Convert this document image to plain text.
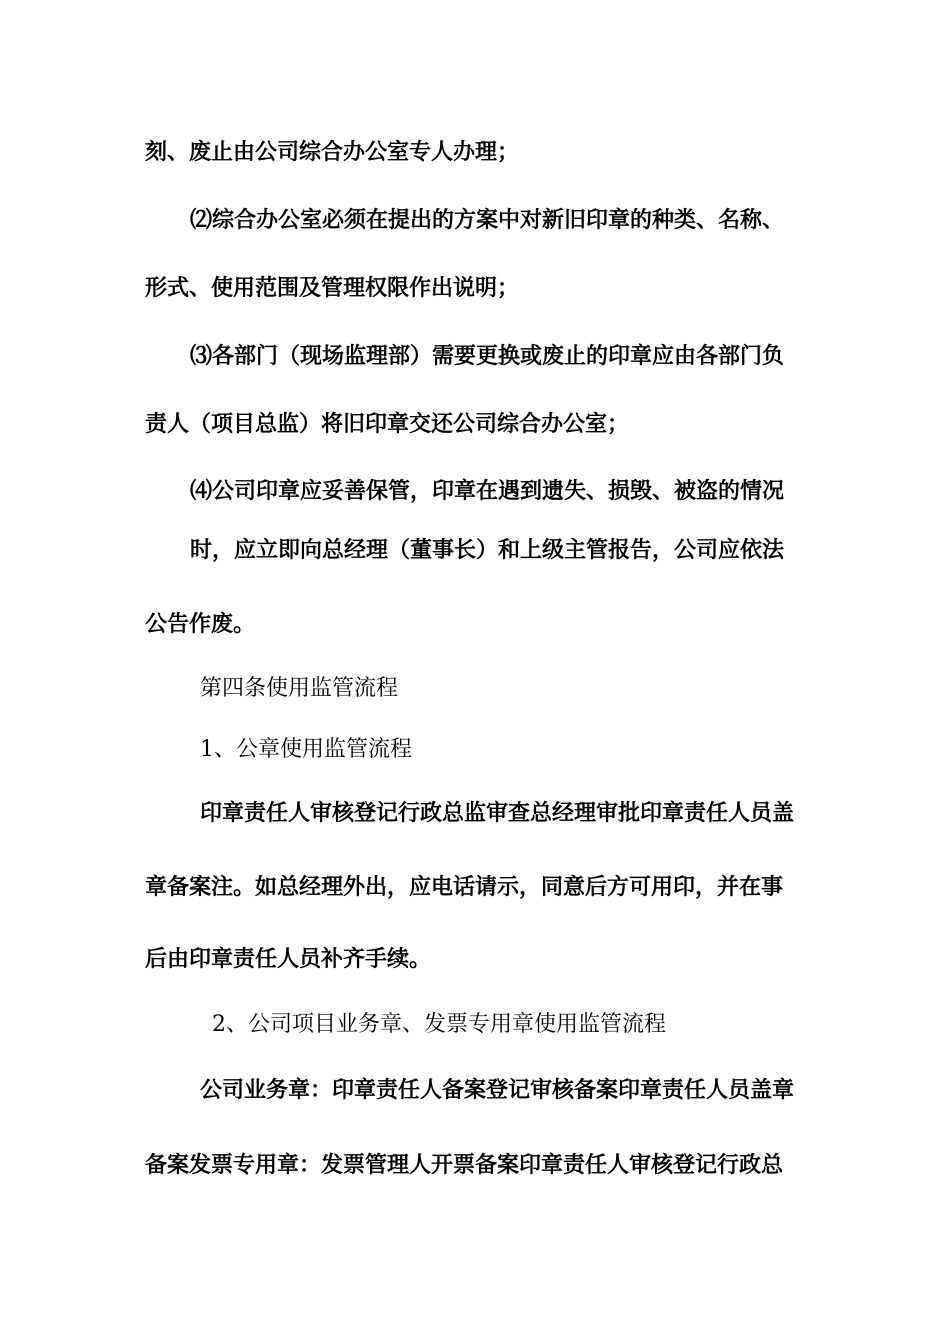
刻、废止由公司综合办公室专人办理；
⑵综合办公室必须在提出的方案中对新旧印章的种类、名称、
形式、使用范围及管理权限作出说明；
⑶各部门（现场监理部）需要更换或废止的印章应由各部门负
责人（项目总监）将旧印章交还公司综合办公室；
⑷公司印章应妥善保管，印章在遇到遗失、损毁、被盗的情况
时，应立即向总经理（董事长）和上级主管报告，公司应依法
公告作废。
第四条使用监管流程
1、公章使用监管流程
印章责任人审核登记行政总监审查总经理审批印章责任人员盖
章备案注。如总经理外出，应电话请示，同意后方可用印，并在事
后由印章责任人员补齐手续。
2、公司项目业务章、发票专用章使用监管流程
公司业务章：印章责任人备案登记审核备案印章责任人员盖章
备案发票专用章：发票管理人开票备案印章责任人审核登记行政总
